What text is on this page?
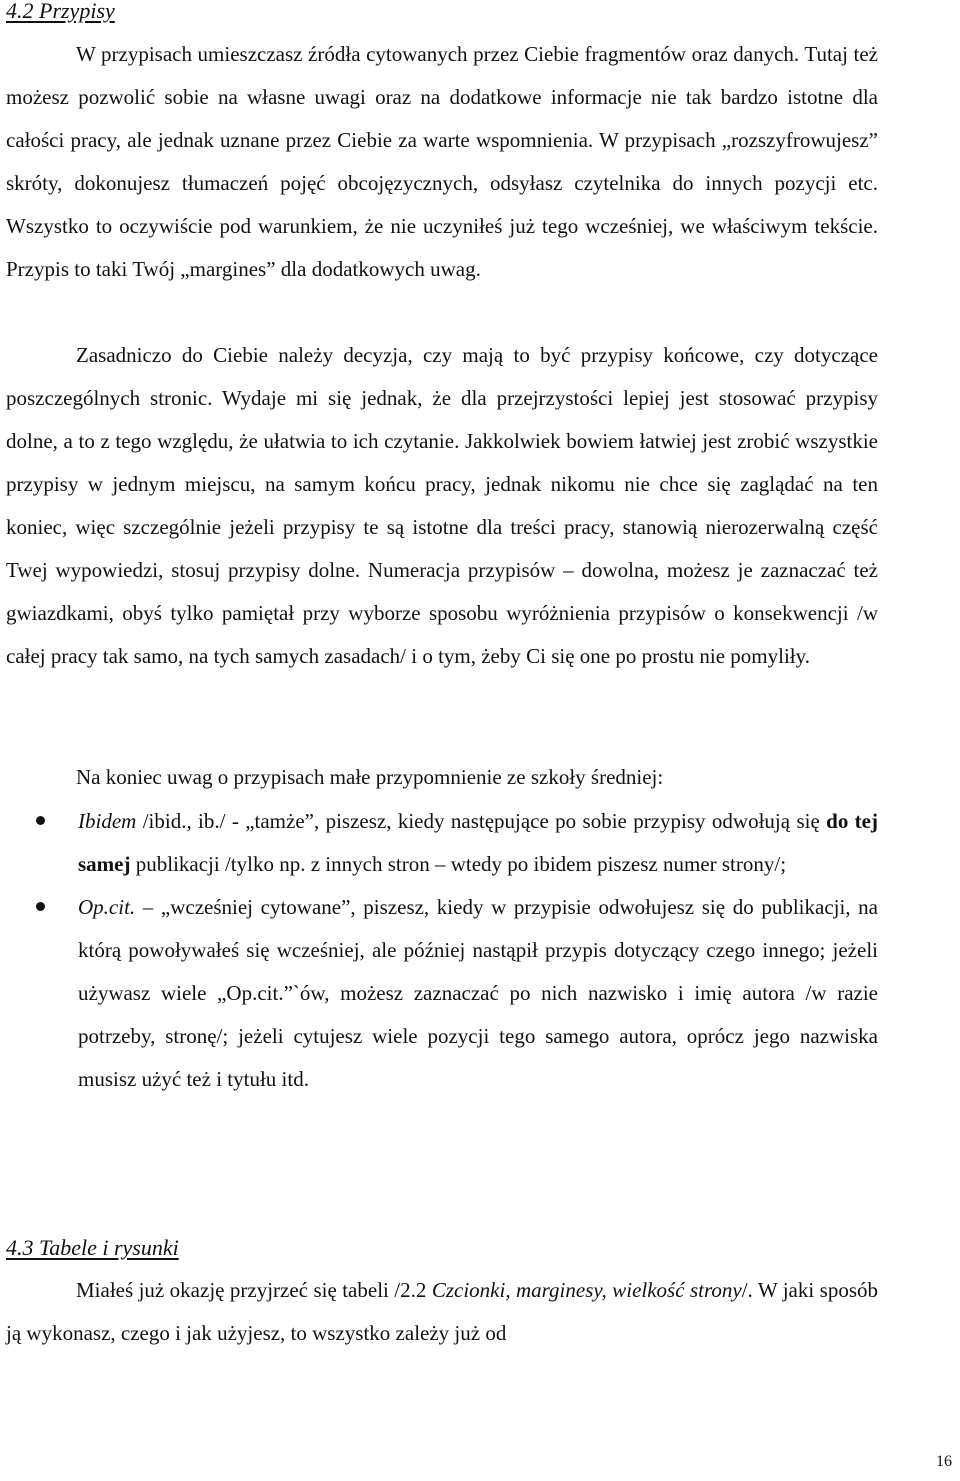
4.2 Przypisy

W przypisach umieszczasz źródła cytowanych przez Ciebie fragmentów oraz danych. Tutaj też możesz pozwolić sobie na własne uwagi oraz na dodatkowe informacje nie tak bardzo istotne dla całości pracy, ale jednak uznane przez Ciebie za warte wspomnienia. W przypisach „rozszyfrowujesz” skróty, dokonujesz tłumaczeń pojęć obcojęzycznych, odsyłasz czytelnika do innych pozycji etc. Wszystko to oczywiście pod warunkiem, że nie uczyniłeś już tego wcześniej, we właściwym tekście. Przypis to taki Twój „margines” dla dodatkowych uwag.

Zasadniczo do Ciebie należy decyzja, czy mają to być przypisy końcowe, czy dotyczące poszczególnych stronic. Wydaje mi się jednak, że dla przejrzystości lepiej jest stosować przypisy dolne, a to z tego względu, że ułatwia to ich czytanie. Jakkolwiek bowiem łatwiej jest zrobić wszystkie przypisy w jednym miejscu, na samym końcu pracy, jednak nikomu nie chce się zaglądać na ten koniec, więc szczególnie jeżeli przypisy te są istotne dla treści pracy, stanowią nierozerwalną część Twej wypowiedzi, stosuj przypisy dolne. Numeracja przypisów – dowolna, możesz je zaznaczać też gwiazdkami, obyś tylko pamiętał przy wyborze sposobu wyróżnienia przypisów o konsekwencji /w całej pracy tak samo, na tych samych zasadach/ i o tym, żeby Ci się one po prostu nie pomyliły.

Na koniec uwag o przypisach małe przypomnienie ze szkoły średniej:

Ibidem /ibid., ib./ - „tamże”, piszesz, kiedy następujące po sobie przypisy odwołują się do tej samej publikacji /tylko np. z innych stron – wtedy po ibidem piszesz numer strony/;
Op.cit. – „wcześniej cytowane”, piszesz, kiedy w przypisie odwołujesz się do publikacji, na którą powoływałeś się wcześniej, ale później nastąpił przypis dotyczący czego innego; jeżeli używasz wiele „Op.cit.”`ów, możesz zaznaczać po nich nazwisko i imię autora /w razie potrzeby, stronę/; jeżeli cytujesz wiele pozycji tego samego autora, oprócz jego nazwiska musisz użyć też i tytułu itd.
4.3 Tabele i rysunki

Miałeś już okazję przyjrzeć się tabeli /2.2 Czcionki, marginesy, wielkość strony/. W jaki sposób ją wykonasz, czego i jak użyjesz, to wszystko zależy już od

16
